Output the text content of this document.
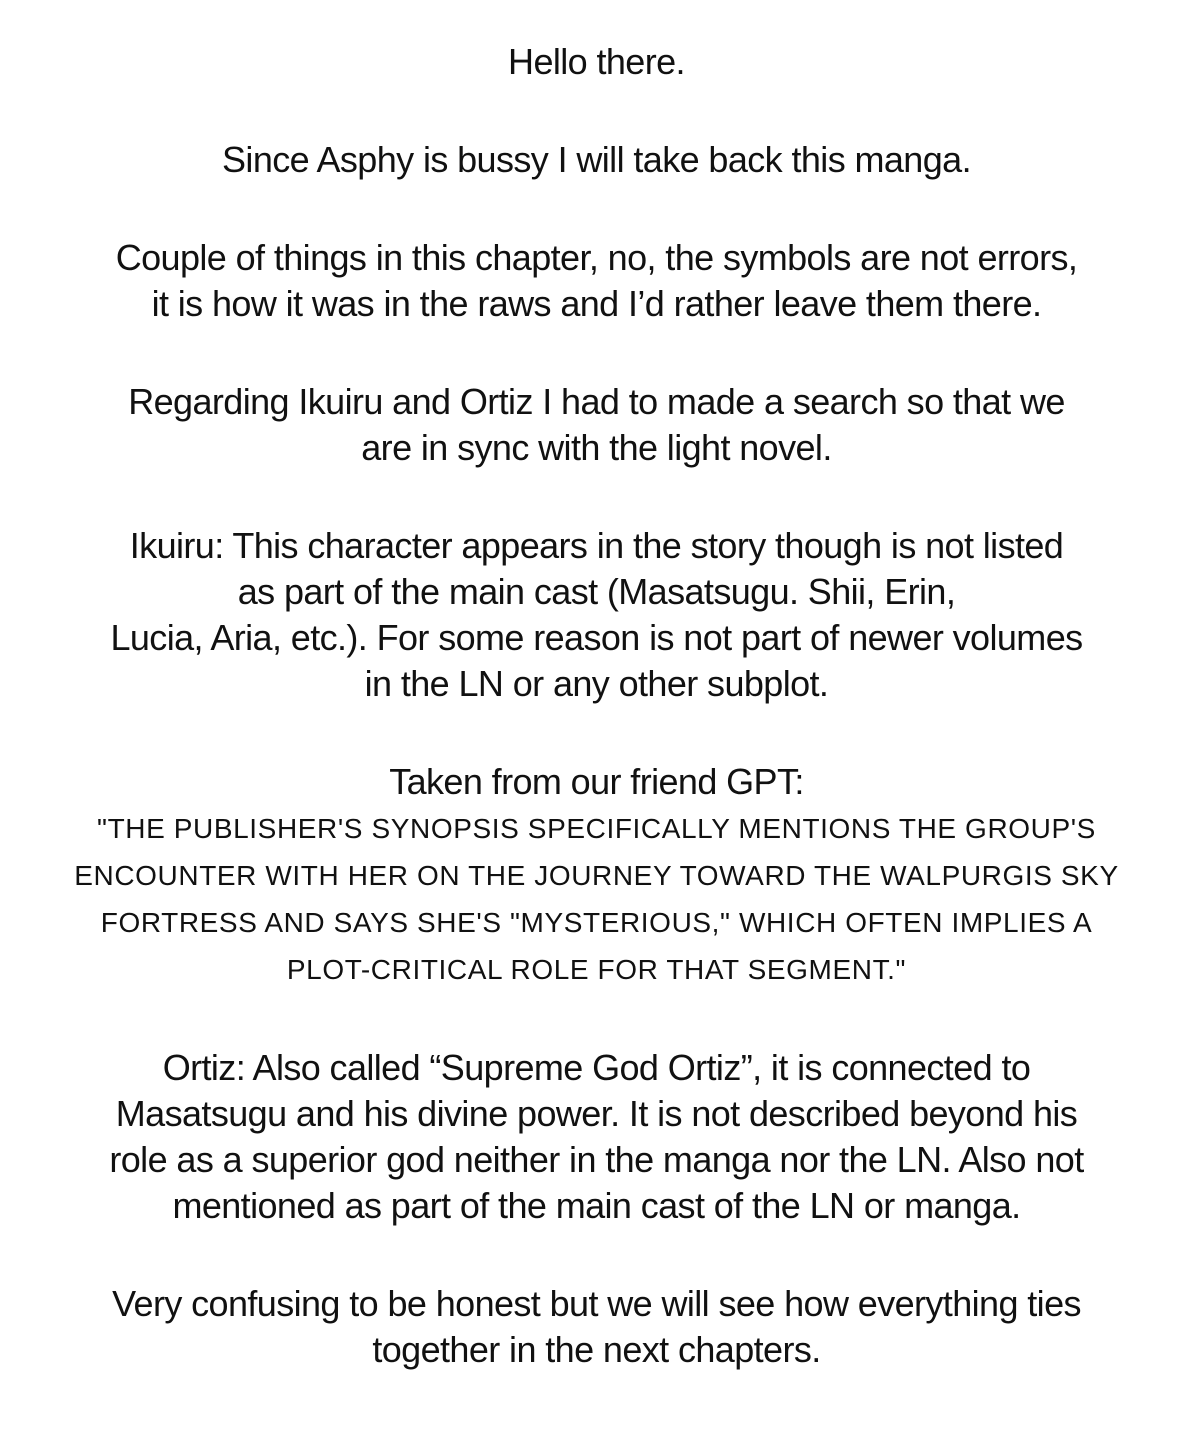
Hello there.

Since Asphy is bussy I will take back this manga.

Couple of things in this chapter, no, the symbols are not errors,
it is how it was in the raws and I’d rather leave them there.

Regarding Ikuiru and Ortiz I had to made a search so that we
are in sync with the light novel.

Ikuiru: This character appears in the story though is not listed
as part of the main cast (Masatsugu. Shii, Erin,
Lucia, Aria, etc.). For some reason is not part of newer volumes
in the LN or any other subplot.

Taken from our friend GPT:

"THE PUBLISHER'S SYNOPSIS SPECIFICALLY MENTIONS THE GROUP'S
ENCOUNTER WITH HER ON THE JOURNEY TOWARD THE WALPURGIS SKY
FORTRESS AND SAYS SHE'S "MYSTERIOUS," WHICH OFTEN IMPLIES A
PLOT-CRITICAL ROLE FOR THAT SEGMENT."

Ortiz: Also called “Supreme God Ortiz”, it is connected to
Masatsugu and his divine power. It is not described beyond his
role as a superior god neither in the manga nor the LN. Also not
mentioned as part of the main cast of the LN or manga.

Very confusing to be honest but we will see how everything ties
together in the next chapters.
